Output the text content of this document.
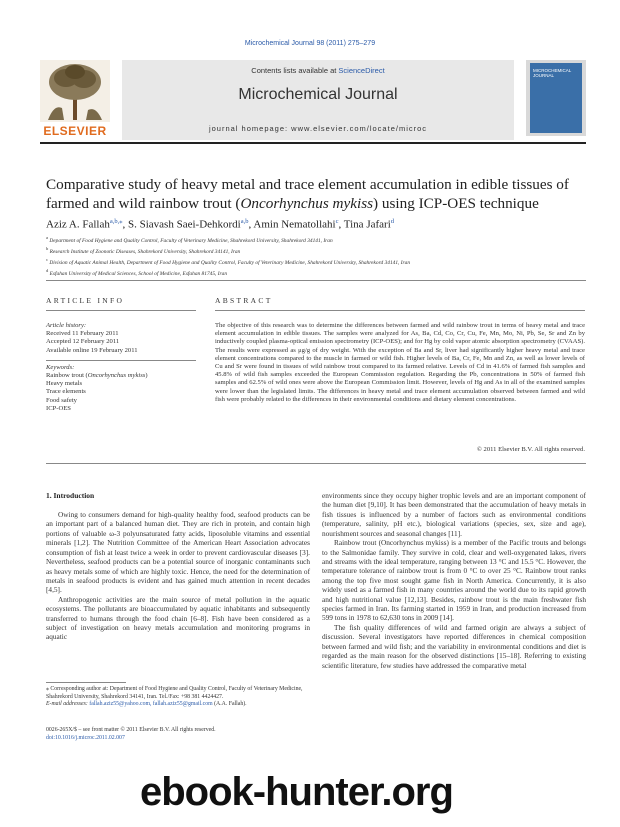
Microchemical Journal 98 (2011) 275–279
ELSEVIER
Contents lists available at ScienceDirect
Microchemical Journal
journal homepage: www.elsevier.com/locate/microc
MICROCHEMICAL JOURNAL
Comparative study of heavy metal and trace element accumulation in edible tissues of farmed and wild rainbow trout (Oncorhynchus mykiss) using ICP-OES technique
Aziz A. Fallah$^{a,b,⁎}$, S. Siavash Saei-Dehkordi$^{a,b}$, Amin Nematollahi$^c$, Tina Jafari$^d$
$^a$ Department of Food Hygiene and Quality Control, Faculty of Veterinary Medicine, Shahrekord University, Shahrekord 34141, Iran
$^b$ Research Institute of Zoonotic Diseases, Shahrekord University, Shahrekord 34141, Iran
$^c$ Division of Aquatic Animal Health, Department of Food Hygiene and Quality Control, Faculty of Veterinary Medicine, Shahrekord University, Shahrekord 34141, Iran
$^d$ Esfahan University of Medical Sciences, School of Medicine, Esfahan 81745, Iran
ARTICLE INFO
Article history:
Received 11 February 2011
Accepted 12 February 2011
Available online 19 February 2011
Keywords:
Rainbow trout (Oncorhynchus mykiss)
Heavy metals
Trace elements
Food safety
ICP-OES
ABSTRACT
The objective of this research was to determine the differences between farmed and wild rainbow trout in terms of heavy metal and trace element accumulation in edible tissues. The samples were analyzed for As, Ba, Cd, Co, Cr, Cu, Fe, Mn, Mo, Ni, Pb, Se, Sr and Zn by inductively coupled plasma-optical emission spectrometry (ICP-OES); and for Hg by cold vapor atomic absorption spectrometry (CVAAS). The results were expressed as μg/g of dry weight. With the exception of Ba and Sr, liver had significantly higher heavy metal and trace element concentrations compared to the muscle in farmed or wild fish. Higher levels of Ba, Cr, Fe, Mn and Zn, as well as lower levels of Cu and Sr were found in tissues of wild rainbow trout compared to its farmed relative. Levels of Cd in 41.6% of farmed fish samples and 45.8% of wild fish samples exceeded the European Commission regulation. Regarding the Pb, concentrations in 50% of farmed fish samples and 62.5% of wild ones were above the European Commission limit. However, levels of Hg and As in all of the examined samples were lower than the legislated limits. The differences in heavy metal and trace element accumulation observed between farmed and wild fish were probably related to the differences in their environmental conditions and dietary element concentrations.
© 2011 Elsevier B.V. All rights reserved.
1. Introduction

Owing to consumers demand for high-quality healthy food, seafood products can be an important part of a balanced human diet. They are rich in protein, and contain high portions of valuable ω-3 polyunsaturated fatty acids, liposoluble vitamins and essential minerals [1,2]. The Nutrition Committee of the American Heart Association advocates consumption of fish at least twice a week in order to prevent cardiovascular diseases [3]. Nevertheless, seafood products can be a potential source of inorganic contaminants such as heavy metals some of which are highly toxic. Hence, the need for the determination of metals in seafood products is evident and has gained much attention in recent decades [4,5].

Anthropogenic activities are the main source of metal pollution in the aquatic ecosystems. The pollutants are bioaccumulated by aquatic inhabitants and subsequently transferred to humans through the food chain [6–8]. Fish have been considered as a subject of investigation on heavy metals accumulation and monitoring programs in aquatic

environments since they occupy higher trophic levels and are an important component of the human diet [9,10]. It has been demonstrated that the accumulation of heavy metals in fish tissues is influenced by a number of factors such as environmental conditions (temperature, salinity, pH etc.), biological variations (species, sex, size and age), nourishment sources and seasonal changes [11].

Rainbow trout (Oncorhynchus mykiss) is a member of the Pacific trouts and belongs to the Salmonidae family. They survive in cold, clear and well-oxygenated lakes, rivers and streams with the ideal temperature, ranging between 13 °C and 15.5 °C. However, the temperature tolerance of rainbow trout is from 0 °C to over 25 °C. Rainbow trout ranks among the top five most sought game fish in North America. Concurrently, it is also widely used as a farmed fish in many countries around the world due to its rapid growth and high nutritional value [12,13]. Besides, rainbow trout is the main freshwater fish species farmed in Iran. Its farming started in 1959 in Iran, and production increased from 599 tons in 1978 to 62,630 tons in 2009 [14].

The fish quality differences of wild and farmed origin are always a subject of discussion. Several investigators have reported differences in chemical composition between farmed and wild fish; and the variability in environmental conditions and diet is regarded as the main reason for the observed distinctions [15–18]. Referring to existing scientific literature, few studies have addressed the comparative metal

⁎ Corresponding author at: Department of Food Hygiene and Quality Control, Faculty of Veterinary Medicine, Shahrekord University, Shahrekord 34141, Iran. Tel./Fax: +98 381 4424427.
E-mail addresses: fallah.aziz55@yahoo.com, fallah.aziz55@gmail.com (A.A. Fallah).
0026-265X/$ – see front matter © 2011 Elsevier B.V. All rights reserved.
doi:10.1016/j.microc.2011.02.007
ebook-hunter.org
